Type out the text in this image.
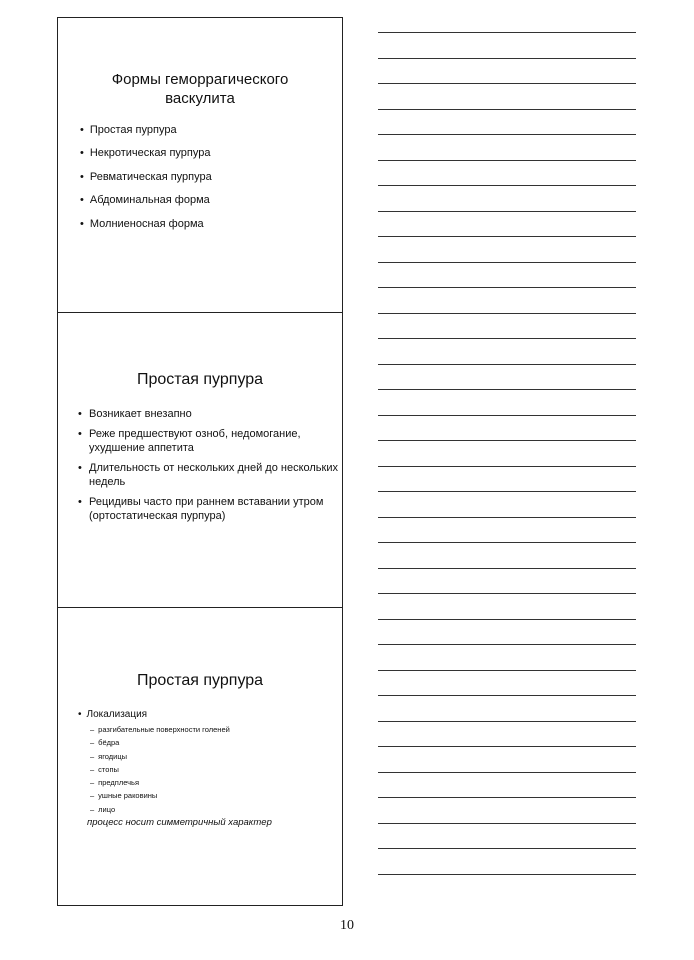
Формы геморрагического
васкулита
• Простая пурпура
• Некротическая пурпура
• Ревматическая пурпура
• Абдоминальная форма
• Молниеносная форма
Простая пурпура
• Возникает внезапно
• Реже предшествуют озноб, недомогание, ухудшение аппетита
• Длительность от нескольких дней до нескольких недель
• Рецидивы часто при раннем вставании утром (ортостатическая пурпура)
Простая пурпура
• Локализация
– разгибательные поверхности голеней
– бёдра
– ягодицы
– стопы
– предплечья
– ушные раковины
– лицо
процесс носит симметричный характер
10
